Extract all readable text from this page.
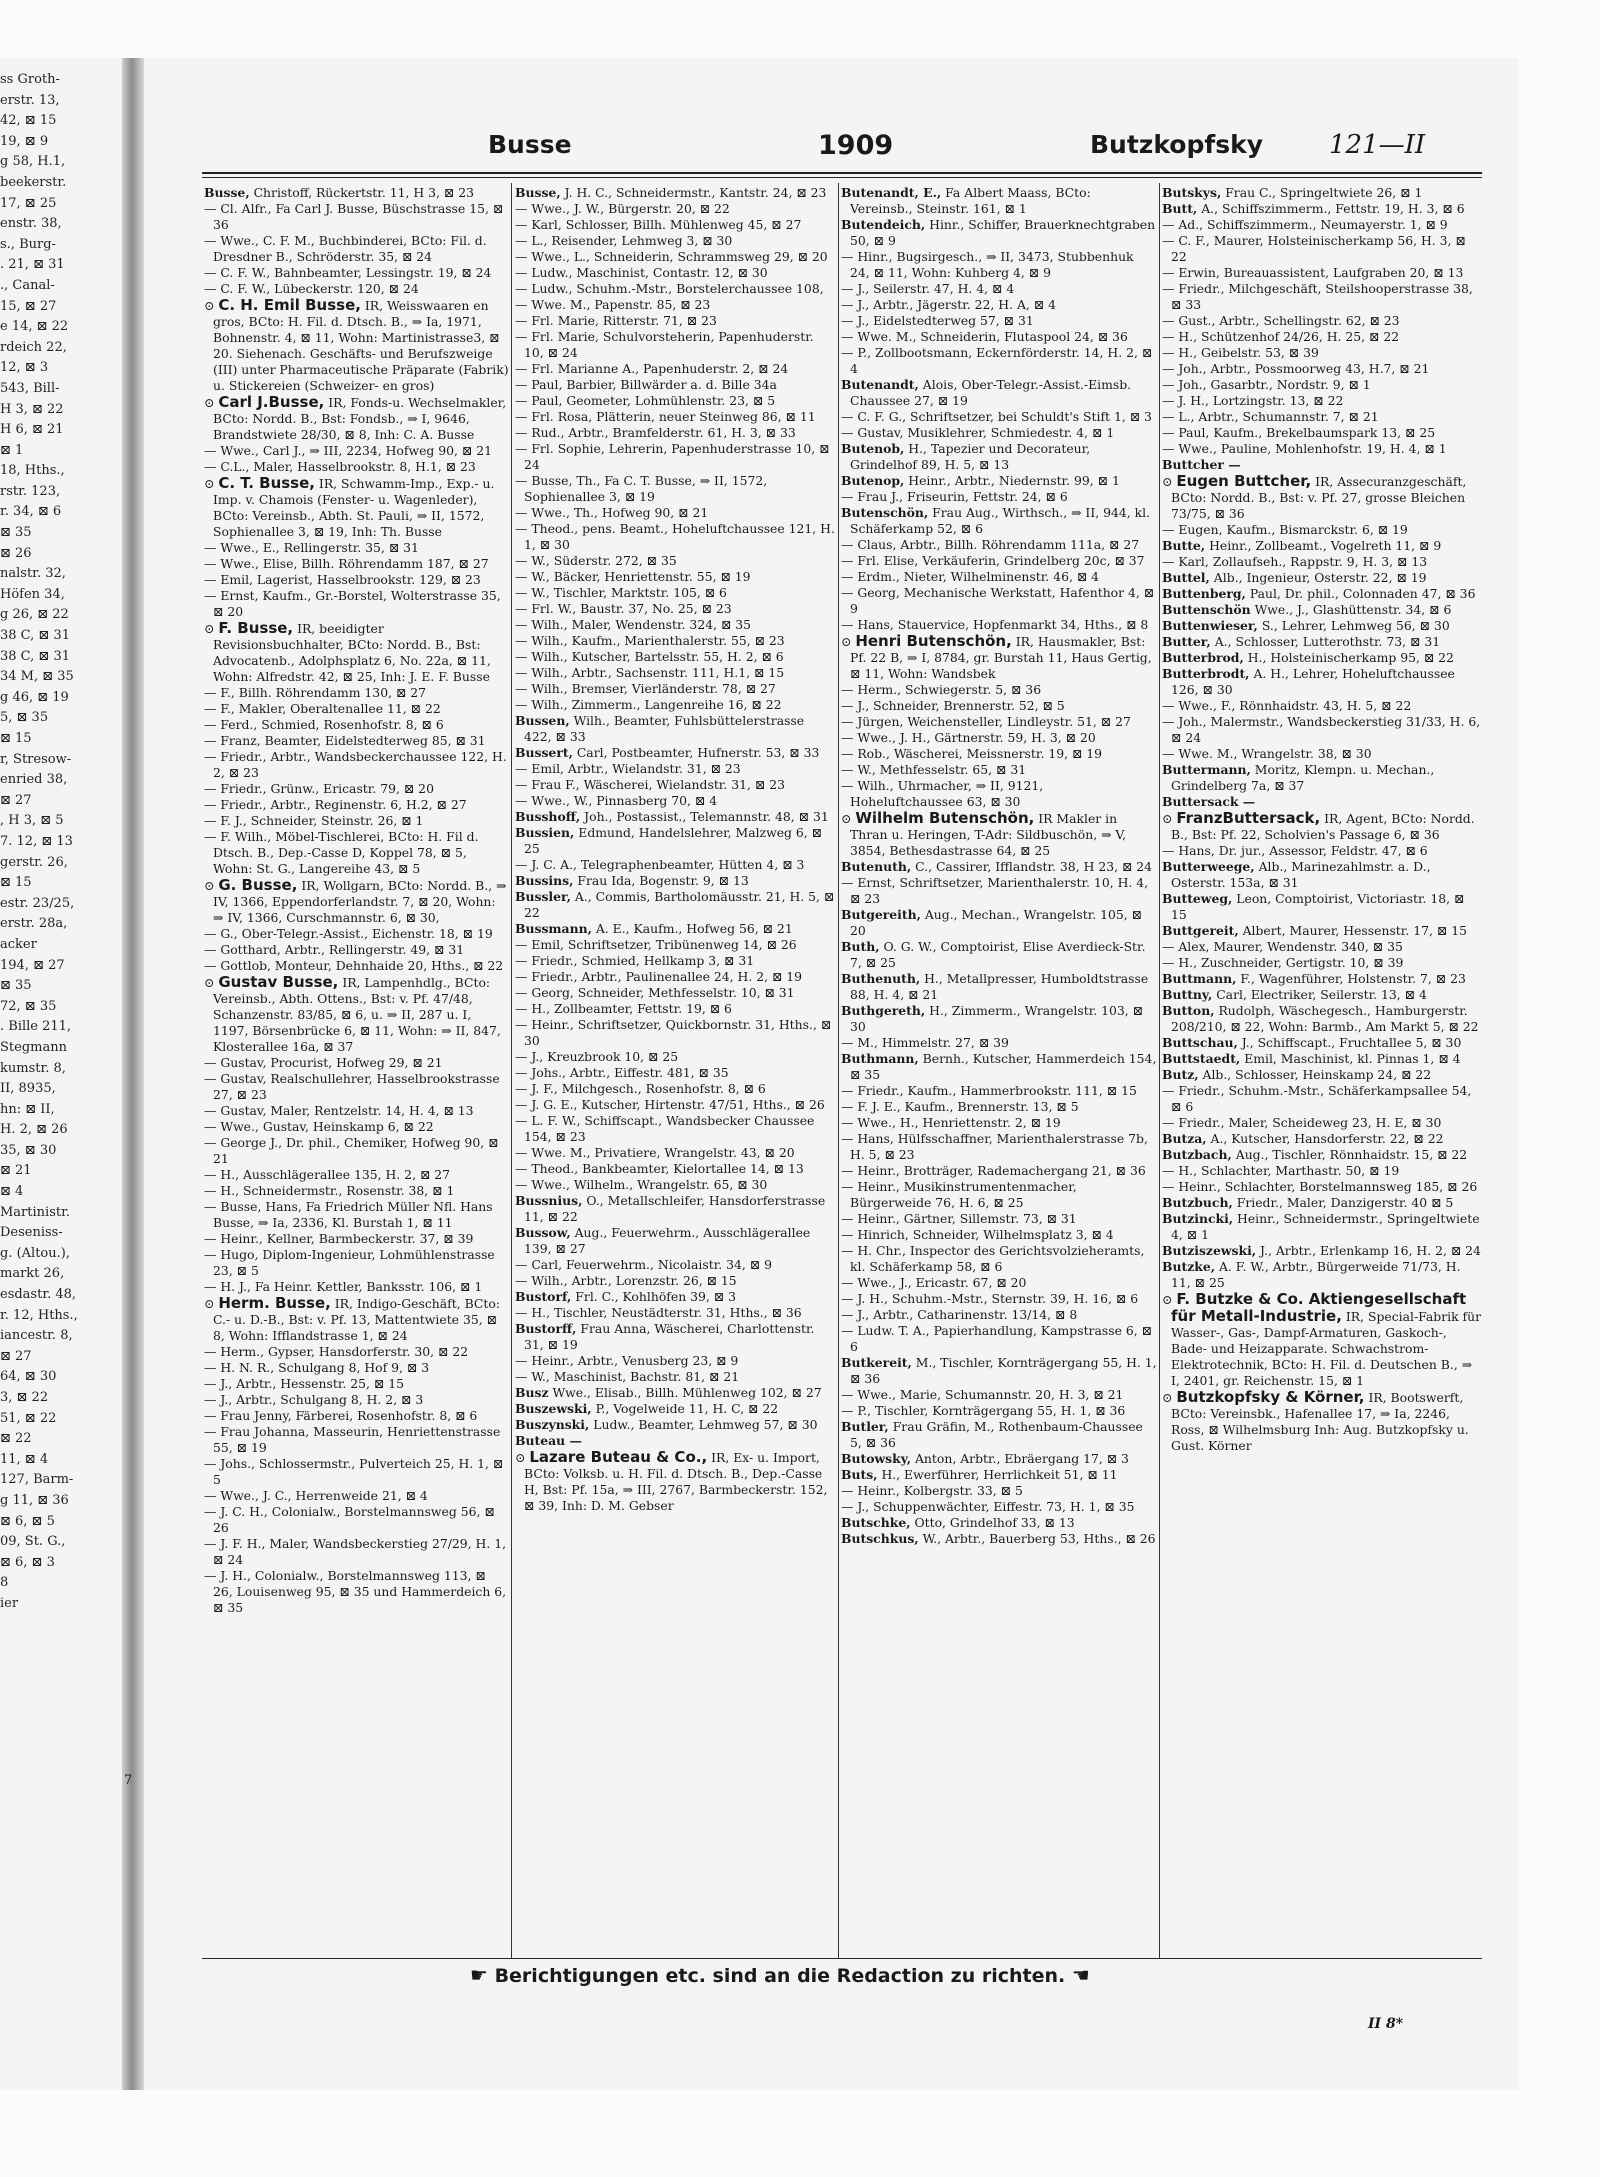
ss Groth-
erstr. 13,
42, ⊠ 15
19, ⊠ 9
g 58, H.1,
beekerstr.
17, ⊠ 25
enstr. 38,
s., Burg-
. 21, ⊠ 31
., Canal-
15, ⊠ 27
e 14, ⊠ 22
rdeich 22,
12, ⊠ 3
543, Bill-
H 3, ⊠ 22
H 6, ⊠ 21
⊠ 1
18, Hths.,
rstr. 123,
r. 34, ⊠ 6
⊠ 35
⊠ 26
nalstr. 32,
Höfen 34,
g 26, ⊠ 22
38 C, ⊠ 31
38 C, ⊠ 31
34 M, ⊠ 35
g 46, ⊠ 19
5, ⊠ 35
⊠ 15
r, Stresow-
enried 38,
⊠ 27
, H 3, ⊠ 5
7. 12, ⊠ 13
gerstr. 26,
⊠ 15
estr. 23/25,
erstr. 28a,
acker
194, ⊠ 27
⊠ 35
72, ⊠ 35
. Bille 211,
Stegmann
kumstr. 8,
II, 8935,
hn: ⊠ II,
H. 2, ⊠ 26
35, ⊠ 30
⊠ 21
⊠ 4
Martinistr.
Deseniss-
g. (Altou.),
markt 26,
esdastr. 48,
r. 12, Hths.,
iancestr. 8,
⊠ 27
64, ⊠ 30
3, ⊠ 22
51, ⊠ 22
⊠ 22
11, ⊠ 4
127, Barm-
g 11, ⊠ 36
⊠ 6, ⊠ 5
09, St. G.,
⊠ 6, ⊠ 3
8
ier
7
Busse	1909	Butzkopfsky	121—II

Busse, Christoff, Rückertstr. 11, H 3, ⊠ 23

— Cl. Alfr., Fa Carl J. Busse, Büschstrasse 15, ⊠ 36

— Wwe., C. F. M., Buchbinderei, BCto: Fil. d. Dresdner B., Schröderstr. 35, ⊠ 24

— C. F. W., Bahnbeamter, Lessingstr. 19, ⊠ 24

— C. F. W., Lübeckerstr. 120, ⊠ 24

⊙ C. H. Emil Busse, IR, Weisswaaren en gros, BCto: H. Fil. d. Dtsch. B., ⇒ Ia, 1971, Bohnenstr. 4, ⊠ 11, Wohn: Martinistrasse3, ⊠ 20. Siehenach. Geschäfts- und Berufszweige (III) unter Pharmaceutische Präparate (Fabrik) u. Stickereien (Schweizer- en gros)

⊙ Carl J.Busse, IR, Fonds-u. Wechselmakler, BCto: Nordd. B., Bst: Fondsb., ⇒ I, 9646, Brandstwiete 28/30, ⊠ 8, Inh: C. A. Busse

— Wwe., Carl J., ⇒ III, 2234, Hofweg 90, ⊠ 21

— C.L., Maler, Hasselbrookstr. 8, H.1, ⊠ 23

⊙ C. T. Busse, IR, Schwamm-Imp., Exp.- u. Imp. v. Chamois (Fenster- u. Wagenleder), BCto: Vereinsb., Abth. St. Pauli, ⇒ II, 1572, Sophienallee 3, ⊠ 19, Inh: Th. Busse

— Wwe., E., Rellingerstr. 35, ⊠ 31

— Wwe., Elise, Billh. Röhrendamm 187, ⊠ 27

— Emil, Lagerist, Hasselbrookstr. 129, ⊠ 23

— Ernst, Kaufm., Gr.-Borstel, Wolterstrasse 35, ⊠ 20

⊙ F. Busse, IR, beeidigter Revisionsbuchhalter, BCto: Nordd. B., Bst: Advocatenb., Adolphsplatz 6, No. 22a, ⊠ 11, Wohn: Alfredstr. 42, ⊠ 25, Inh: J. E. F. Busse

— F., Billh. Röhrendamm 130, ⊠ 27

— F., Makler, Oberaltenallee 11, ⊠ 22

— Ferd., Schmied, Rosenhofstr. 8, ⊠ 6

— Franz, Beamter, Eidelstedterweg 85, ⊠ 31

— Friedr., Arbtr., Wandsbeckerchaussee 122, H. 2, ⊠ 23

— Friedr., Grünw., Ericastr. 79, ⊠ 20

— Friedr., Arbtr., Reginenstr. 6, H.2, ⊠ 27

— F. J., Schneider, Steinstr. 26, ⊠ 1

— F. Wilh., Möbel-Tischlerei, BCto: H. Fil d. Dtsch. B., Dep.-Casse D, Koppel 78, ⊠ 5, Wohn: St. G., Langereihe 43, ⊠ 5

⊙ G. Busse, IR, Wollgarn, BCto: Nordd. B., ⇒ IV, 1366, Eppendorferlandstr. 7, ⊠ 20, Wohn: ⇒ IV, 1366, Curschmannstr. 6, ⊠ 30,

— G., Ober-Telegr.-Assist., Eichenstr. 18, ⊠ 19

— Gotthard, Arbtr., Rellingerstr. 49, ⊠ 31

— Gottlob, Monteur, Dehnhaide 20, Hths., ⊠ 22

⊙ Gustav Busse, IR, Lampenhdlg., BCto: Vereinsb., Abth. Ottens., Bst: v. Pf. 47/48, Schanzenstr. 83/85, ⊠ 6, u. ⇒ II, 287 u. I, 1197, Börsenbrücke 6, ⊠ 11, Wohn: ⇒ II, 847, Klosterallee 16a, ⊠ 37

— Gustav, Procurist, Hofweg 29, ⊠ 21

— Gustav, Realschullehrer, Hasselbrookstrasse 27, ⊠ 23

— Gustav, Maler, Rentzelstr. 14, H. 4, ⊠ 13

— Wwe., Gustav, Heinskamp 6, ⊠ 22

— George J., Dr. phil., Chemiker, Hofweg 90, ⊠ 21

— H., Ausschlägerallee 135, H. 2, ⊠ 27

— H., Schneidermstr., Rosenstr. 38, ⊠ 1

— Busse, Hans, Fa Friedrich Müller Nfl. Hans Busse, ⇒ Ia, 2336, Kl. Burstah 1, ⊠ 11

— Heinr., Kellner, Barmbeckerstr. 37, ⊠ 39

— Hugo, Diplom-Ingenieur, Lohmühlenstrasse 23, ⊠ 5

— H. J., Fa Heinr. Kettler, Banksstr. 106, ⊠ 1

⊙ Herm. Busse, IR, Indigo-Geschäft, BCto: C.- u. D.-B., Bst: v. Pf. 13, Mattentwiete 35, ⊠ 8, Wohn: Ifflandstrasse 1, ⊠ 24

— Herm., Gypser, Hansdorferstr. 30, ⊠ 22

— H. N. R., Schulgang 8, Hof 9, ⊠ 3

— J., Arbtr., Hessenstr. 25, ⊠ 15

— J., Arbtr., Schulgang 8, H. 2, ⊠ 3

— Frau Jenny, Färberei, Rosenhofstr. 8, ⊠ 6

— Frau Johanna, Masseurin, Henriettenstrasse 55, ⊠ 19

— Johs., Schlossermstr., Pulverteich 25, H. 1, ⊠ 5

— Wwe., J. C., Herrenweide 21, ⊠ 4

— J. C. H., Colonialw., Borstelmannsweg 56, ⊠ 26

— J. F. H., Maler, Wandsbeckerstieg 27/29, H. 1, ⊠ 24

— J. H., Colonialw., Borstelmannsweg 113, ⊠ 26, Louisenweg 95, ⊠ 35 und Hammerdeich 6, ⊠ 35

Busse, J. H. C., Schneidermstr., Kantstr. 24, ⊠ 23

— Wwe., J. W., Bürgerstr. 20, ⊠ 22

— Karl, Schlosser, Billh. Mühlenweg 45, ⊠ 27

— L., Reisender, Lehmweg 3, ⊠ 30

— Wwe., L., Schneiderin, Schrammsweg 29, ⊠ 20

— Ludw., Maschinist, Contastr. 12, ⊠ 30

— Ludw., Schuhm.-Mstr., Borstelerchaussee 108,

— Wwe. M., Papenstr. 85, ⊠ 23

— Frl. Marie, Ritterstr. 71, ⊠ 23

— Frl. Marie, Schulvorsteherin, Papenhuderstr. 10, ⊠ 24

— Frl. Marianne A., Papenhuderstr. 2, ⊠ 24

— Paul, Barbier, Billwärder a. d. Bille 34a

— Paul, Geometer, Lohmühlenstr. 23, ⊠ 5

— Frl. Rosa, Plätterin, neuer Steinweg 86, ⊠ 11

— Rud., Arbtr., Bramfelderstr. 61, H. 3, ⊠ 33

— Frl. Sophie, Lehrerin, Papenhuderstrasse 10, ⊠ 24

— Busse, Th., Fa C. T. Busse, ⇒ II, 1572, Sophienallee 3, ⊠ 19

— Wwe., Th., Hofweg 90, ⊠ 21

— Theod., pens. Beamt., Hoheluftchaussee 121, H. 1, ⊠ 30

— W., Süderstr. 272, ⊠ 35

— W., Bäcker, Henriettenstr. 55, ⊠ 19

— W., Tischler, Marktstr. 105, ⊠ 6

— Frl. W., Baustr. 37, No. 25, ⊠ 23

— Wilh., Maler, Wendenstr. 324, ⊠ 35

— Wilh., Kaufm., Marienthalerstr. 55, ⊠ 23

— Wilh., Kutscher, Bartelsstr. 55, H. 2, ⊠ 6

— Wilh., Arbtr., Sachsenstr. 111, H.1, ⊠ 15

— Wilh., Bremser, Vierländerstr. 78, ⊠ 27

— Wilh., Zimmerm., Langenreihe 16, ⊠ 22

Bussen, Wilh., Beamter, Fuhlsbüttelerstrasse 422, ⊠ 33

Bussert, Carl, Postbeamter, Hufnerstr. 53, ⊠ 33

— Emil, Arbtr., Wielandstr. 31, ⊠ 23

— Frau F., Wäscherei, Wielandstr. 31, ⊠ 23

— Wwe., W., Pinnasberg 70, ⊠ 4

Busshoff, Joh., Postassist., Telemannstr. 48, ⊠ 31

Bussien, Edmund, Handelslehrer, Malzweg 6, ⊠ 25

— J. C. A., Telegraphenbeamter, Hütten 4, ⊠ 3

Bussins, Frau Ida, Bogenstr. 9, ⊠ 13

Bussler, A., Commis, Bartholomäusstr. 21, H. 5, ⊠ 22

Bussmann, A. E., Kaufm., Hofweg 56, ⊠ 21

— Emil, Schriftsetzer, Tribünenweg 14, ⊠ 26

— Friedr., Schmied, Hellkamp 3, ⊠ 31

— Friedr., Arbtr., Paulinenallee 24, H. 2, ⊠ 19

— Georg, Schneider, Methfesselstr. 10, ⊠ 31

— H., Zollbeamter, Fettstr. 19, ⊠ 6

— Heinr., Schriftsetzer, Quickbornstr. 31, Hths., ⊠ 30

— J., Kreuzbrook 10, ⊠ 25

— Johs., Arbtr., Eiffestr. 481, ⊠ 35

— J. F., Milchgesch., Rosenhofstr. 8, ⊠ 6

— J. G. E., Kutscher, Hirtenstr. 47/51, Hths., ⊠ 26

— L. F. W., Schiffscapt., Wandsbecker Chaussee 154, ⊠ 23

— Wwe. M., Privatiere, Wrangelstr. 43, ⊠ 20

— Theod., Bankbeamter, Kielortallee 14, ⊠ 13

— Wwe., Wilhelm., Wrangelstr. 65, ⊠ 30

Bussnius, O., Metallschleifer, Hansdorferstrasse 11, ⊠ 22

Bussow, Aug., Feuerwehrm., Ausschlägerallee 139, ⊠ 27

— Carl, Feuerwehrm., Nicolaistr. 34, ⊠ 9

— Wilh., Arbtr., Lorenzstr. 26, ⊠ 15

Bustorf, Frl. C., Kohlhöfen 39, ⊠ 3

— H., Tischler, Neustädterstr. 31, Hths., ⊠ 36

Bustorff, Frau Anna, Wäscherei, Charlottenstr. 31, ⊠ 19

— Heinr., Arbtr., Venusberg 23, ⊠ 9

— W., Maschinist, Bachstr. 81, ⊠ 21

Busz Wwe., Elisab., Billh. Mühlenweg 102, ⊠ 27

Buszewski, P., Vogelweide 11, H. C, ⊠ 22

Buszynski, Ludw., Beamter, Lehmweg 57, ⊠ 30

Buteau —

⊙ Lazare Buteau & Co., IR, Ex- u. Import, BCto: Volksb. u. H. Fil. d. Dtsch. B., Dep.-Casse H, Bst: Pf. 15a, ⇒ III, 2767, Barmbeckerstr. 152, ⊠ 39, Inh: D. M. Gebser

Butenandt, E., Fa Albert Maass, BCto: Vereinsb., Steinstr. 161, ⊠ 1

Butendeich, Hinr., Schiffer, Brauerknechtgraben 50, ⊠ 9

— Hinr., Bugsirgesch., ⇒ II, 3473, Stubbenhuk 24, ⊠ 11, Wohn: Kuhberg 4, ⊠ 9

— J., Seilerstr. 47, H. 4, ⊠ 4

— J., Arbtr., Jägerstr. 22, H. A, ⊠ 4

— J., Eidelstedterweg 57, ⊠ 31

— Wwe. M., Schneiderin, Flutaspool 24, ⊠ 36

— P., Zollbootsmann, Eckernförderstr. 14, H. 2, ⊠ 4

Butenandt, Alois, Ober-Telegr.-Assist.-Eimsb. Chaussee 27, ⊠ 19

— C. F. G., Schriftsetzer, bei Schuldt's Stift 1, ⊠ 3

— Gustav, Musiklehrer, Schmiedestr. 4, ⊠ 1

Butenob, H., Tapezier und Decorateur, Grindelhof 89, H. 5, ⊠ 13

Butenop, Heinr., Arbtr., Niedernstr. 99, ⊠ 1

— Frau J., Friseurin, Fettstr. 24, ⊠ 6

Butenschön, Frau Aug., Wirthsch., ⇒ II, 944, kl. Schäferkamp 52, ⊠ 6

— Claus, Arbtr., Billh. Röhrendamm 111a, ⊠ 27

— Frl. Elise, Verkäuferin, Grindelberg 20c, ⊠ 37

— Erdm., Nieter, Wilhelminenstr. 46, ⊠ 4

— Georg, Mechanische Werkstatt, Hafenthor 4, ⊠ 9

— Hans, Stauervice, Hopfenmarkt 34, Hths., ⊠ 8

⊙ Henri Butenschön, IR, Hausmakler, Bst: Pf. 22 B, ⇒ I, 8784, gr. Burstah 11, Haus Gertig, ⊠ 11, Wohn: Wandsbek

— Herm., Schwiegerstr. 5, ⊠ 36

— J., Schneider, Brennerstr. 52, ⊠ 5

— Jürgen, Weichensteller, Lindleystr. 51, ⊠ 27

— Wwe., J. H., Gärtnerstr. 59, H. 3, ⊠ 20

— Rob., Wäscherei, Meissnerstr. 19, ⊠ 19

— W., Methfesselstr. 65, ⊠ 31

— Wilh., Uhrmacher, ⇒ II, 9121, Hoheluftchaussee 63, ⊠ 30

⊙ Wilhelm Butenschön, IR Makler in Thran u. Heringen, T-Adr: Sildbuschön, ⇒ V, 3854, Bethesdastrasse 64, ⊠ 25

Butenuth, C., Cassirer, Ifflandstr. 38, H 23, ⊠ 24

— Ernst, Schriftsetzer, Marienthalerstr. 10, H. 4, ⊠ 23

Butgereith, Aug., Mechan., Wrangelstr. 105, ⊠ 20

Buth, O. G. W., Comptoirist, Elise Averdieck-Str. 7, ⊠ 25

Buthenuth, H., Metallpresser, Humboldtstrasse 88, H. 4, ⊠ 21

Buthgereth, H., Zimmerm., Wrangelstr. 103, ⊠ 30

— M., Himmelstr. 27, ⊠ 39

Buthmann, Bernh., Kutscher, Hammerdeich 154, ⊠ 35

— Friedr., Kaufm., Hammerbrookstr. 111, ⊠ 15

— F. J. E., Kaufm., Brennerstr. 13, ⊠ 5

— Wwe., H., Henriettenstr. 2, ⊠ 19

— Hans, Hülfsschaffner, Marienthalerstrasse 7b, H. 5, ⊠ 23

— Heinr., Brotträger, Rademachergang 21, ⊠ 36

— Heinr., Musikinstrumentenmacher, Bürgerweide 76, H. 6, ⊠ 25

— Heinr., Gärtner, Sillemstr. 73, ⊠ 31

— Hinrich, Schneider, Wilhelmsplatz 3, ⊠ 4

— H. Chr., Inspector des Gerichtsvolzieheramts, kl. Schäferkamp 58, ⊠ 6

— Wwe., J., Ericastr. 67, ⊠ 20

— J. H., Schuhm.-Mstr., Sternstr. 39, H. 16, ⊠ 6

— J., Arbtr., Catharinenstr. 13/14, ⊠ 8

— Ludw. T. A., Papierhandlung, Kampstrasse 6, ⊠ 6

Butkereit, M., Tischler, Kornträgergang 55, H. 1, ⊠ 36

— Wwe., Marie, Schumannstr. 20, H. 3, ⊠ 21

— P., Tischler, Kornträgergang 55, H. 1, ⊠ 36

Butler, Frau Gräfin, M., Rothenbaum-Chaussee 5, ⊠ 36

Butowsky, Anton, Arbtr., Ebräergang 17, ⊠ 3

Buts, H., Ewerführer, Herrlichkeit 51, ⊠ 11

— Heinr., Kolbergstr. 33, ⊠ 5

— J., Schuppenwächter, Eiffestr. 73, H. 1, ⊠ 35

Butschke, Otto, Grindelhof 33, ⊠ 13

Butschkus, W., Arbtr., Bauerberg 53, Hths., ⊠ 26

Butskys, Frau C., Springeltwiete 26, ⊠ 1

Butt, A., Schiffszimmerm., Fettstr. 19, H. 3, ⊠ 6

— Ad., Schiffszimmerm., Neumayerstr. 1, ⊠ 9

— C. F., Maurer, Holsteinischerkamp 56, H. 3, ⊠ 22

— Erwin, Bureauassistent, Laufgraben 20, ⊠ 13

— Friedr., Milchgeschäft, Steilshooperstrasse 38, ⊠ 33

— Gust., Arbtr., Schellingstr. 62, ⊠ 23

— H., Schützenhof 24/26, H. 25, ⊠ 22

— H., Geibelstr. 53, ⊠ 39

— Joh., Arbtr., Possmoorweg 43, H.7, ⊠ 21

— Joh., Gasarbtr., Nordstr. 9, ⊠ 1

— J. H., Lortzingstr. 13, ⊠ 22

— L., Arbtr., Schumannstr. 7, ⊠ 21

— Paul, Kaufm., Brekelbaumspark 13, ⊠ 25

— Wwe., Pauline, Mohlenhofstr. 19, H. 4, ⊠ 1

Buttcher —

⊙ Eugen Buttcher, IR, Assecuranzgeschäft, BCto: Nordd. B., Bst: v. Pf. 27, grosse Bleichen 73/75, ⊠ 36

— Eugen, Kaufm., Bismarckstr. 6, ⊠ 19

Butte, Heinr., Zollbeamt., Vogelreth 11, ⊠ 9

— Karl, Zollaufseh., Rappstr. 9, H. 3, ⊠ 13

Buttel, Alb., Ingenieur, Osterstr. 22, ⊠ 19

Buttenberg, Paul, Dr. phil., Colonnaden 47, ⊠ 36

Buttenschön Wwe., J., Glashüttenstr. 34, ⊠ 6

Buttenwieser, S., Lehrer, Lehmweg 56, ⊠ 30

Butter, A., Schlosser, Lutterothstr. 73, ⊠ 31

Butterbrod, H., Holsteinischerkamp 95, ⊠ 22

Butterbrodt, A. H., Lehrer, Hoheluftchaussee 126, ⊠ 30

— Wwe., F., Rönnhaidstr. 43, H. 5, ⊠ 22

— Joh., Malermstr., Wandsbeckerstieg 31/33, H. 6, ⊠ 24

— Wwe. M., Wrangelstr. 38, ⊠ 30

Buttermann, Moritz, Klempn. u. Mechan., Grindelberg 7a, ⊠ 37

Buttersack —

⊙ FranzButtersack, IR, Agent, BCto: Nordd. B., Bst: Pf. 22, Scholvien's Passage 6, ⊠ 36

— Hans, Dr. jur., Assessor, Feldstr. 47, ⊠ 6

Butterweege, Alb., Marinezahlmstr. a. D., Osterstr. 153a, ⊠ 31

Butteweg, Leon, Comptoirist, Victoriastr. 18, ⊠ 15

Buttgereit, Albert, Maurer, Hessenstr. 17, ⊠ 15

— Alex, Maurer, Wendenstr. 340, ⊠ 35

— H., Zuschneider, Gertigstr. 10, ⊠ 39

Buttmann, F., Wagenführer, Holstenstr. 7, ⊠ 23

Buttny, Carl, Electriker, Seilerstr. 13, ⊠ 4

Button, Rudolph, Wäschegesch., Hamburgerstr. 208/210, ⊠ 22, Wohn: Barmb., Am Markt 5, ⊠ 22

Buttschau, J., Schiffscapt., Fruchtallee 5, ⊠ 30

Buttstaedt, Emil, Maschinist, kl. Pinnas 1, ⊠ 4

Butz, Alb., Schlosser, Heinskamp 24, ⊠ 22

— Friedr., Schuhm.-Mstr., Schäferkampsallee 54, ⊠ 6

— Friedr., Maler, Scheideweg 23, H. E, ⊠ 30

Butza, A., Kutscher, Hansdorferstr. 22, ⊠ 22

Butzbach, Aug., Tischler, Rönnhaidstr. 15, ⊠ 22

— H., Schlachter, Marthastr. 50, ⊠ 19

— Heinr., Schlachter, Borstelmannsweg 185, ⊠ 26

Butzbuch, Friedr., Maler, Danzigerstr. 40 ⊠ 5

Butzincki, Heinr., Schneidermstr., Springeltwiete 4, ⊠ 1

Butziszewski, J., Arbtr., Erlenkamp 16, H. 2, ⊠ 24

Butzke, A. F. W., Arbtr., Bürgerweide 71/73, H. 11, ⊠ 25

⊙ F. Butzke & Co. Aktiengesellschaft für Metall-Industrie, IR, Special-Fabrik für Wasser-, Gas-, Dampf-Armaturen, Gaskoch-, Bade- und Heizapparate. Schwachstrom-Elektrotechnik, BCto: H. Fil. d. Deutschen B., ⇒ I, 2401, gr. Reichenstr. 15, ⊠ 1

⊙ Butzkopfsky & Körner, IR, Bootswerft, BCto: Vereinsbk., Hafenallee 17, ⇒ Ia, 2246, Ross, ⊠ Wilhelmsburg Inh: Aug. Butzkopfsky u. Gust. Körner

☛ Berichtigungen etc. sind an die Redaction zu richten. ☚
II 8*
